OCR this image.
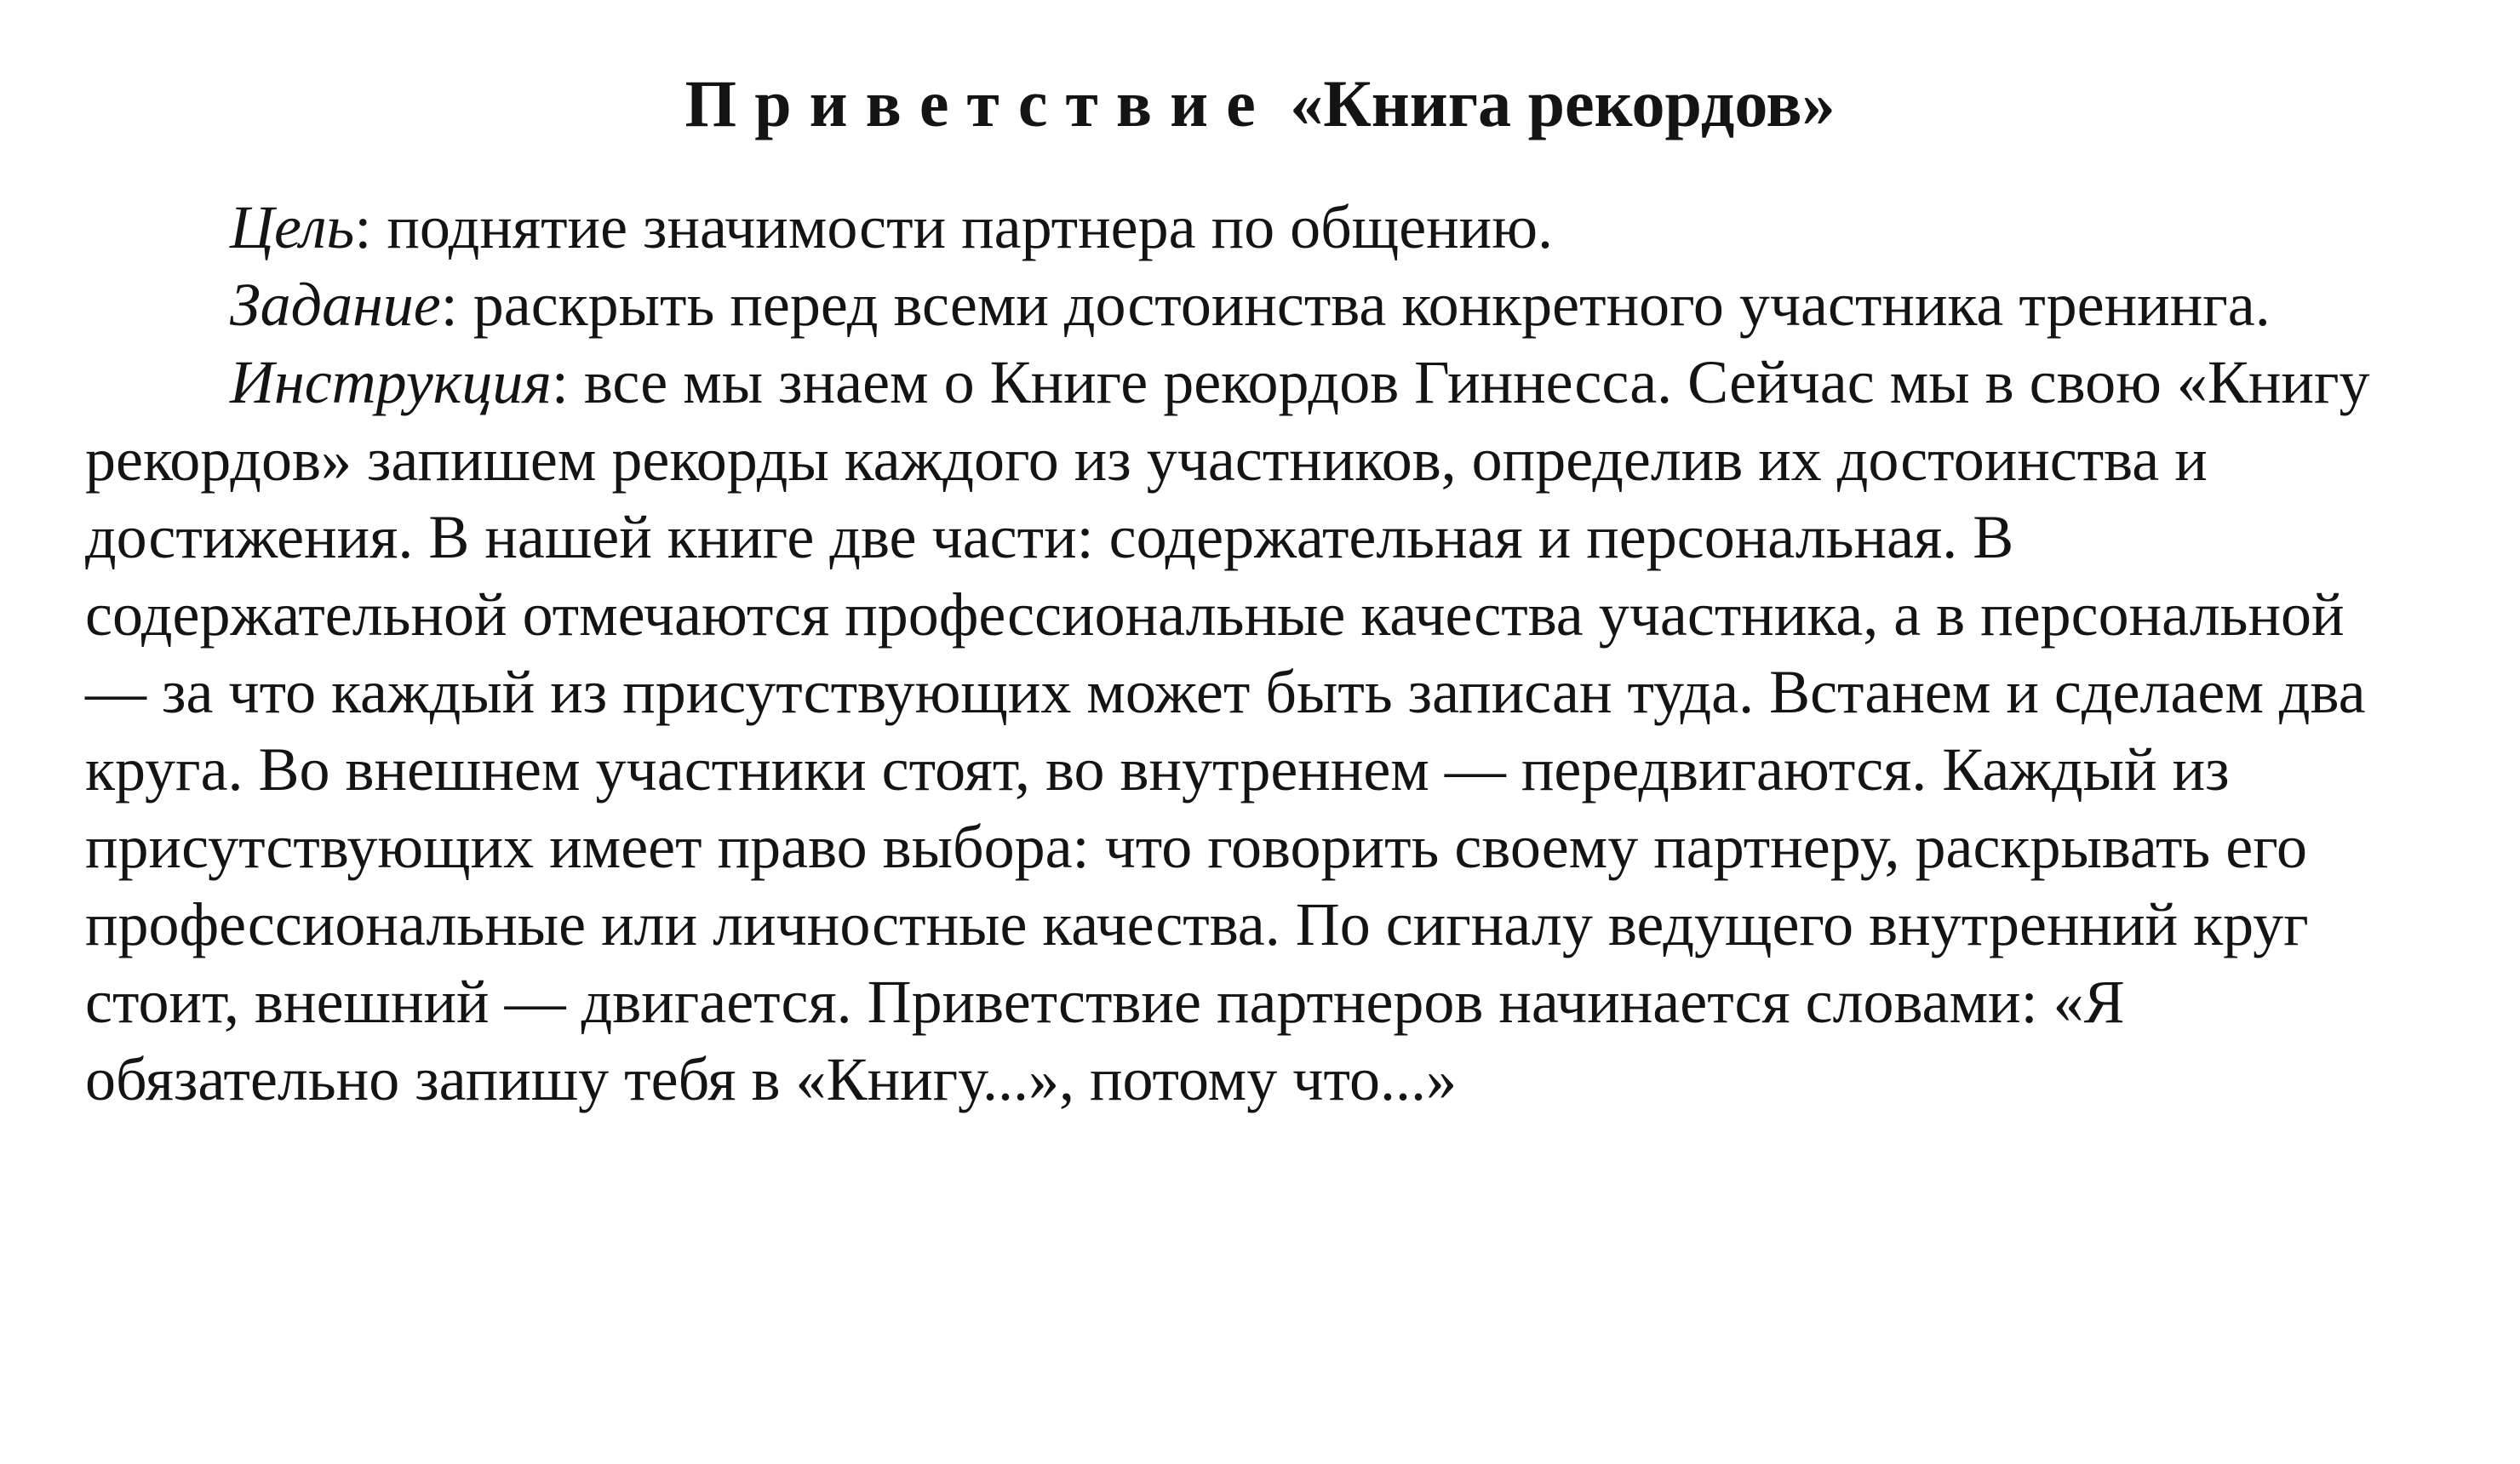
Приветствие «Книга рекордов»

Цель: поднятие значимости партнера по общению.

Задание: раскрыть перед всеми достоинства конкретного участника тренинга.

Инструкция: все мы знаем о Книге рекордов Гиннесса. Сейчас мы в свою «Книгу рекордов» запишем рекорды каждого из участников, определив их достоинства и достижения. В нашей книге две части: содержательная и персональная. В содержательной отмечаются профессиональные качества участника, а в персональной — за что каждый из присутствующих может быть записан туда. Встанем и сделаем два круга. Во внешнем участники стоят, во внутреннем — передвигаются. Каждый из присутствующих имеет право выбора: что говорить своему партнеру, раскрывать его профессиональные или личностные качества. По сигналу ведущего внутренний круг стоит, внешний — двигается. Приветствие партнеров начинается словами: «Я обязательно запишу тебя в «Книгу...», потому что...»
